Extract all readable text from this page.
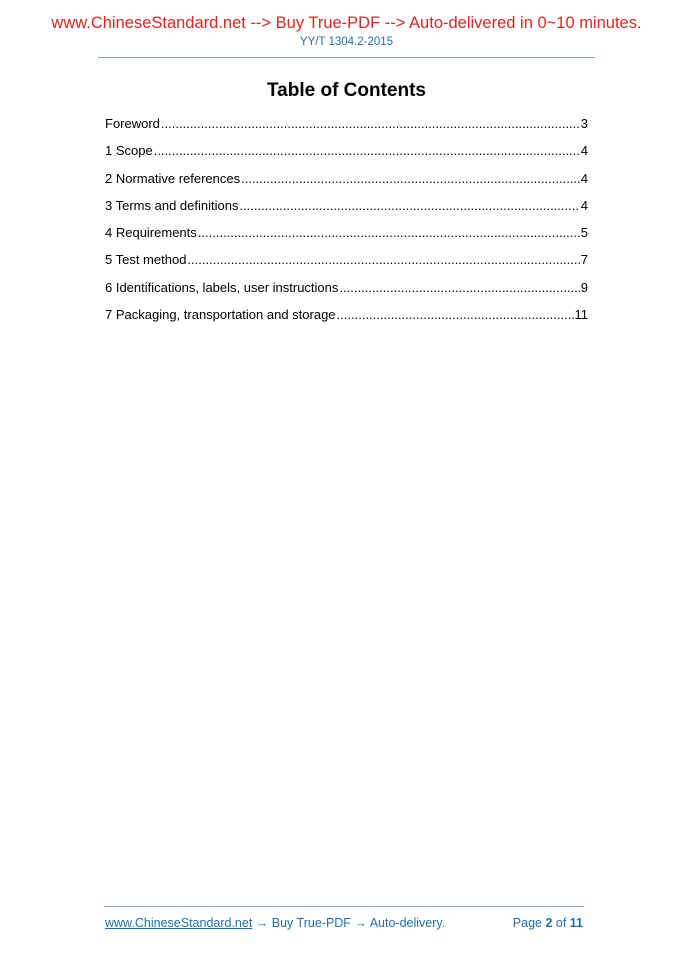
www.ChineseStandard.net --> Buy True-PDF --> Auto-delivered in 0~10 minutes.
YY/T 1304.2-2015
Table of Contents
Foreword .....	3
1 Scope .....	4
2 Normative references .....	4
3 Terms and definitions .....	4
4 Requirements .....	5
5 Test method .....	7
6 Identifications, labels, user instructions .....	9
7 Packaging, transportation and storage .....	11
www.ChineseStandard.net → Buy True-PDF → Auto-delivery.	Page 2 of 11
